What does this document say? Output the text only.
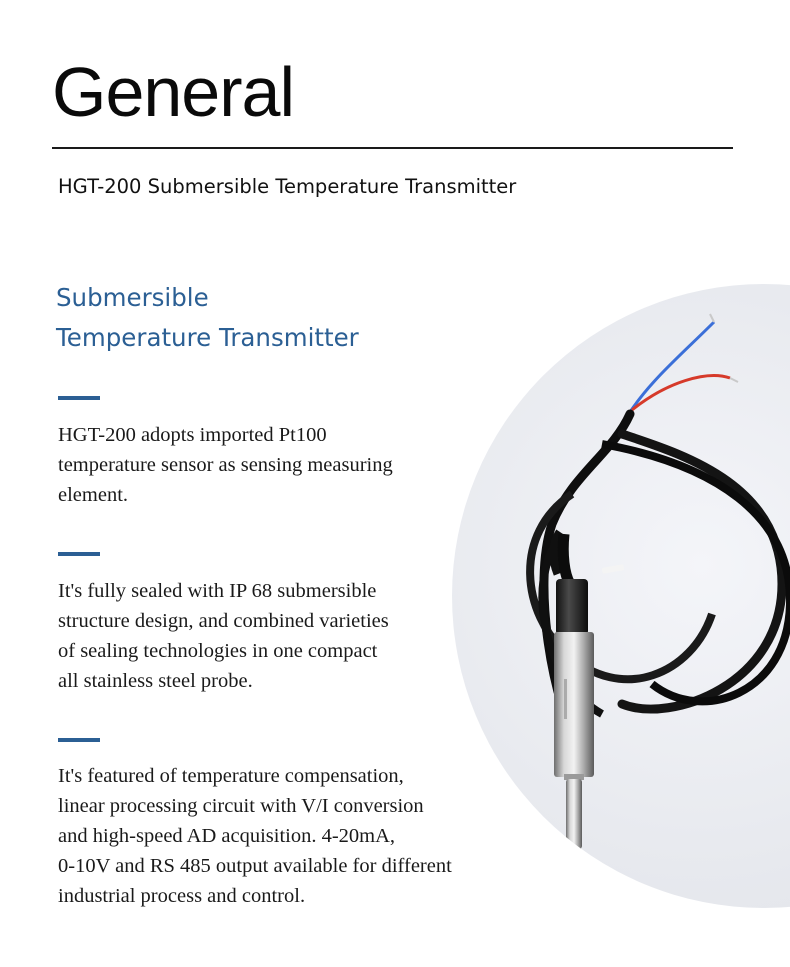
General
HGT-200 Submersible Temperature Transmitter
Submersible
Temperature Transmitter

HGT-200 adopts imported Pt100
temperature sensor as sensing measuring
element.

It's fully sealed with IP 68 submersible
structure design, and combined varieties
of sealing technologies in one compact
all stainless steel probe.

It's featured of temperature compensation,
linear processing circuit with V/I conversion
and high-speed AD acquisition. 4-20mA,
0-10V and RS 485 output available for different
industrial process and control.
